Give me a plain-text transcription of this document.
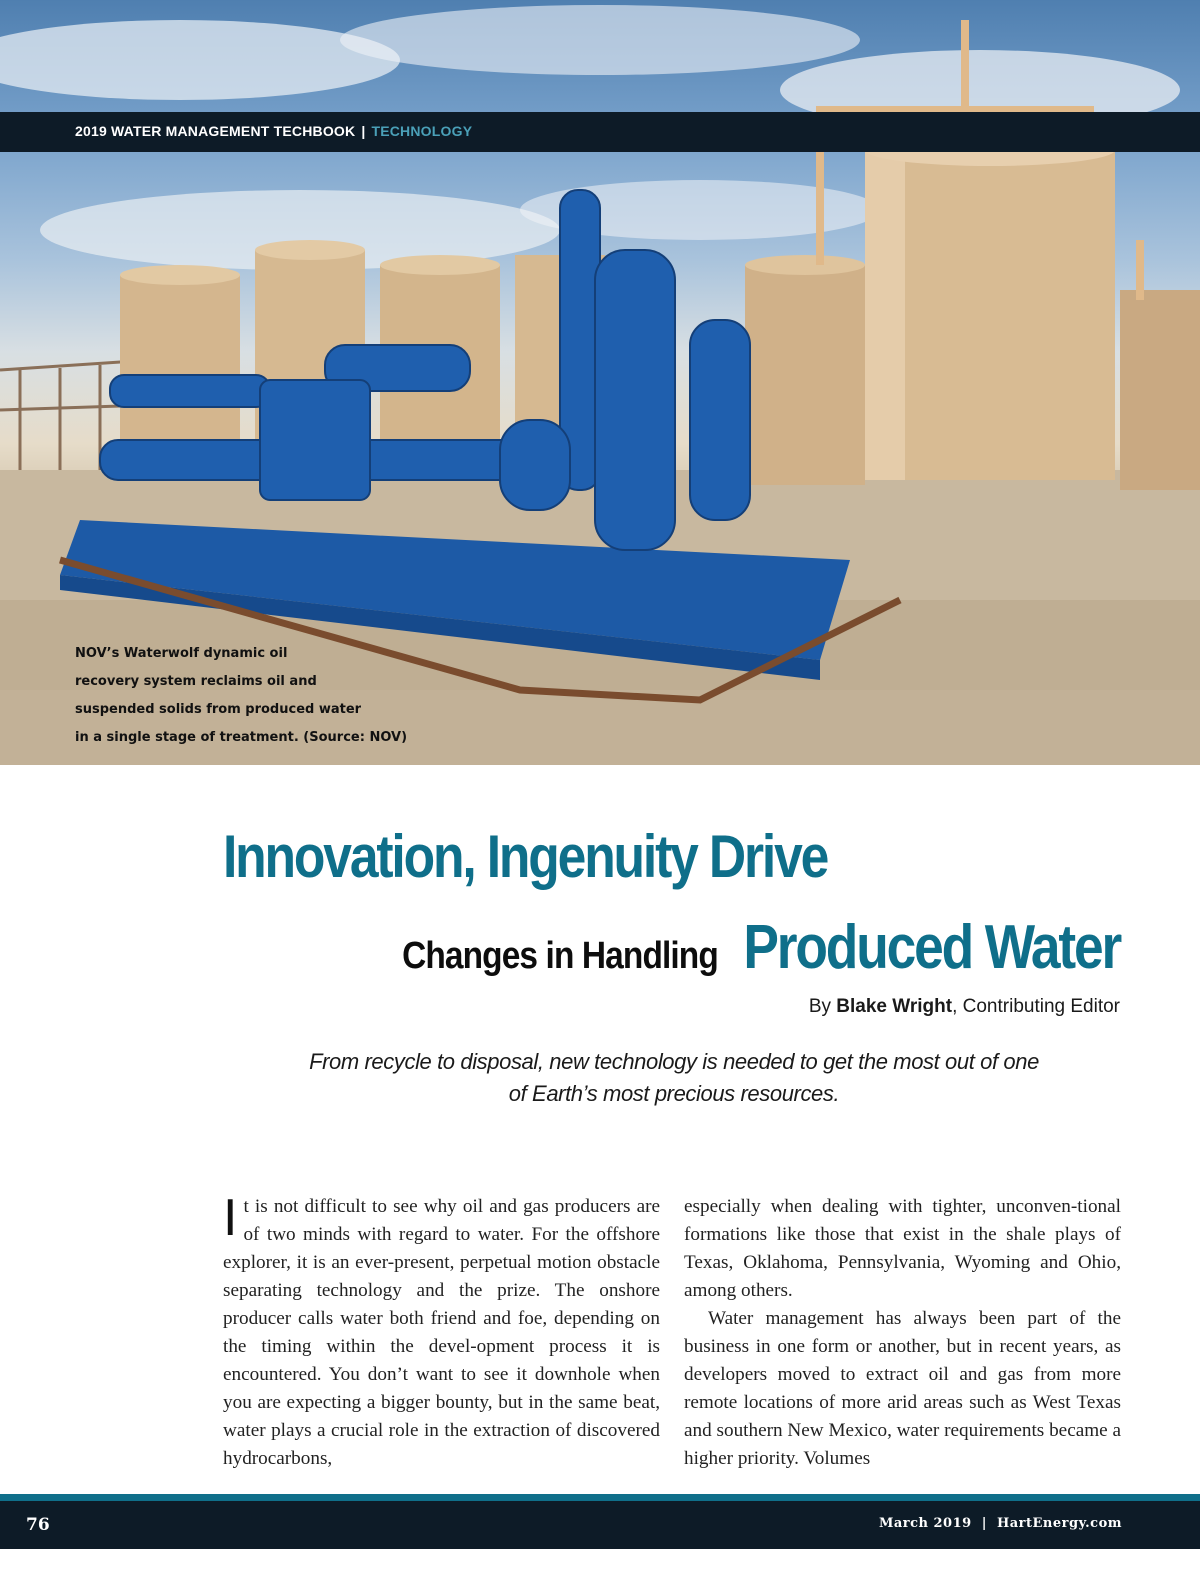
2019 WATER MANAGEMENT TECHBOOK | TECHNOLOGY
NOV’s Waterwolf dynamic oil
recovery system reclaims oil and
suspended solids from produced water
in a single stage of treatment. (Source: NOV)
Innovation, Ingenuity Drive
Changes in Handling Produced Water
By Blake Wright, Contributing Editor
From recycle to disposal, new technology is needed to get the most out of one of Earth’s most precious resources.
I t is not difficult to see why oil and gas producers are of two minds with regard to water. For the offshore explorer, it is an ever-present, perpetual motion obstacle separating technology and the prize. The onshore producer calls water both friend and foe, depending on the timing within the devel-opment process it is encountered. You don’t want to see it downhole when you are expecting a bigger bounty, but in the same beat, water plays a crucial role in the extraction of discovered hydrocarbons,

especially when dealing with tighter, unconven-tional formations like those that exist in the shale plays of Texas, Oklahoma, Pennsylvania, Wyoming and Ohio, among others.

Water management has always been part of the business in one form or another, but in recent years, as developers moved to extract oil and gas from more remote locations of more arid areas such as West Texas and southern New Mexico, water requirements became a higher priority. Volumes

76	March 2019 | HartEnergy.com
